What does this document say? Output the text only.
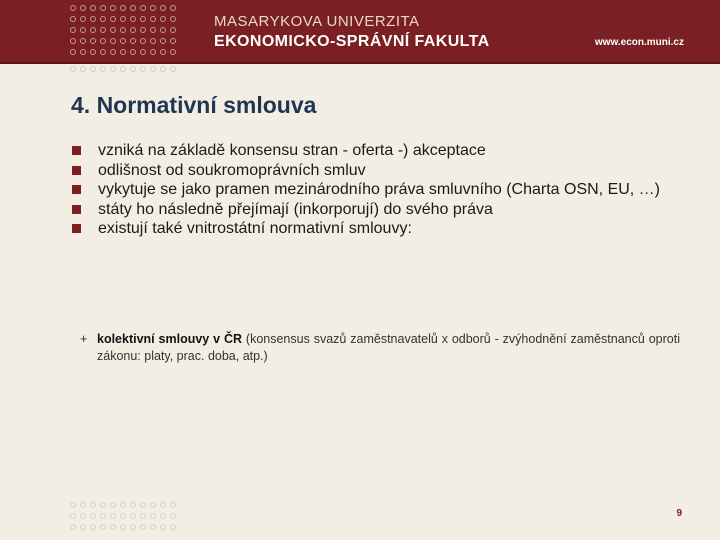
MASARYKOVA UNIVERZITA
EKONOMICKO-SPRÁVNÍ FAKULTA	www.econ.muni.cz
4. Normativní smlouva
vzniká na základě konsensu stran - oferta -) akceptace
odlišnost od soukromoprávních smluv
vykytuje se jako pramen mezinárodního práva smluvního (Charta OSN, EU, …)
státy ho následně přejímají (inkorporují) do svého práva
existují také vnitrostátní normativní smlouvy:
+ kolektivní smlouvy v ČR (konsensus svazů zaměstnavatelů x odborů - zvýhodnění zaměstnanců oproti zákonu: platy, prac. doba, atp.)
9
